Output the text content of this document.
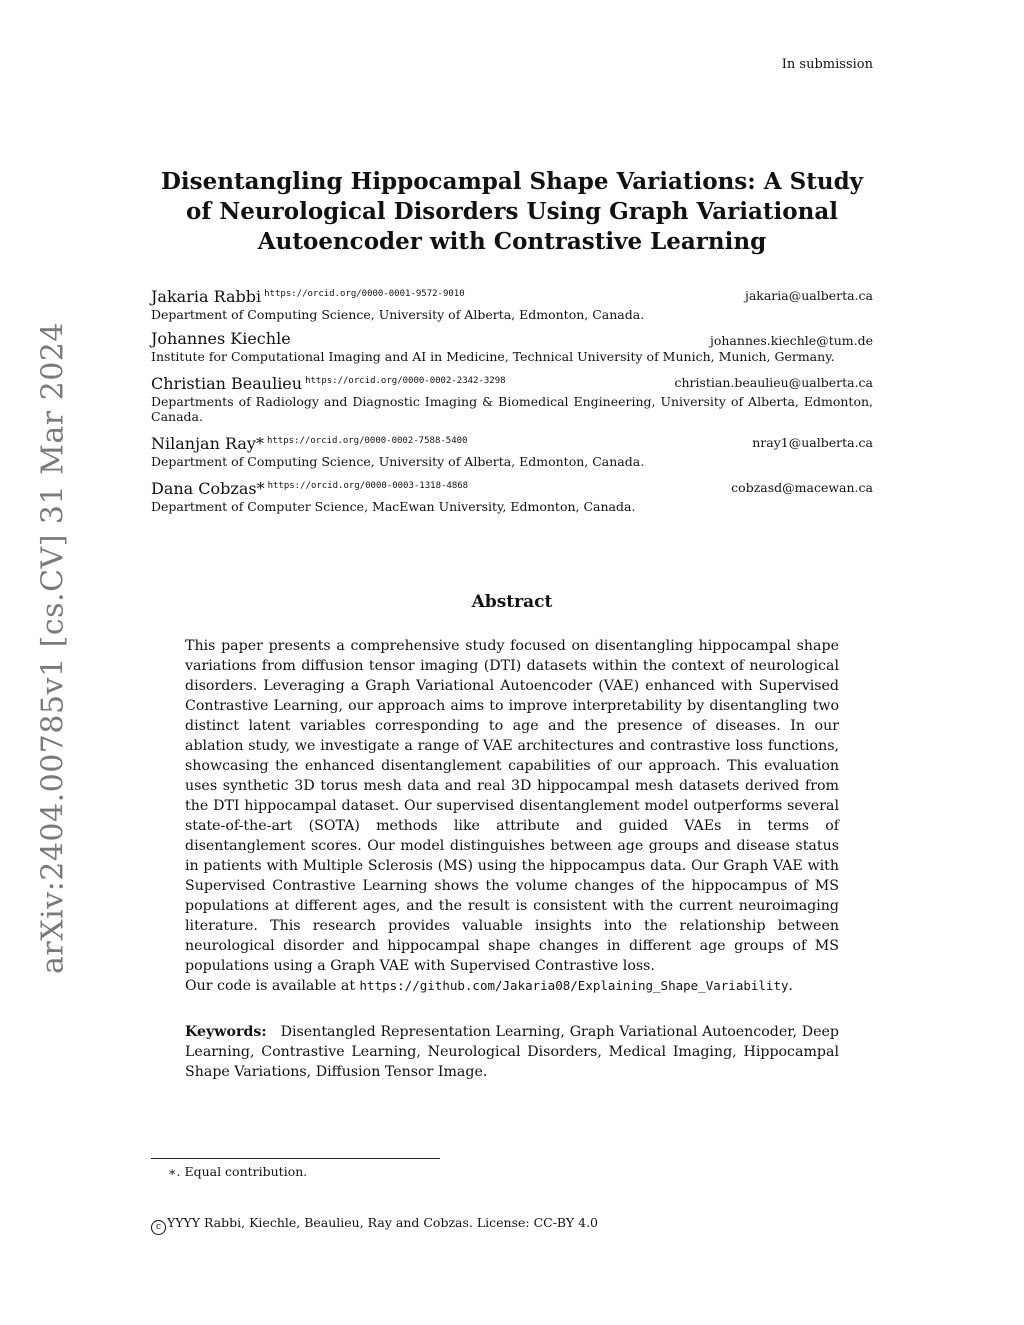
In submission
arXiv:2404.00785v1 [cs.CV] 31 Mar 2024
Disentangling Hippocampal Shape Variations: A Study of Neurological Disorders Using Graph Variational Autoencoder with Contrastive Learning
Jakaria Rabbi $^{https://orcid.org/0000-0001-9572-9010}$	jakaria@ualberta.ca
Department of Computing Science, University of Alberta, Edmonton, Canada.
Johannes Kiechle	johannes.kiechle@tum.de
Institute for Computational Imaging and AI in Medicine, Technical University of Munich, Munich, Germany.
Christian Beaulieu $^{https://orcid.org/0000-0002-2342-3298}$	christian.beaulieu@ualberta.ca
Departments of Radiology and Diagnostic Imaging & Biomedical Engineering, University of Alberta, Edmonton, Canada.
Nilanjan Ray* $^{https://orcid.org/0000-0002-7588-5400}$	nray1@ualberta.ca
Department of Computing Science, University of Alberta, Edmonton, Canada.
Dana Cobzas* $^{https://orcid.org/0000-0003-1318-4868}$	cobzasd@macewan.ca
Department of Computer Science, MacEwan University, Edmonton, Canada.
Abstract
This paper presents a comprehensive study focused on disentangling hippocampal shape variations from diffusion tensor imaging (DTI) datasets within the context of neurological disorders. Leveraging a Graph Variational Autoencoder (VAE) enhanced with Supervised Contrastive Learning, our approach aims to improve interpretability by disentangling two distinct latent variables corresponding to age and the presence of diseases. In our ablation study, we investigate a range of VAE architectures and contrastive loss functions, showcasing the enhanced disentanglement capabilities of our approach. This evaluation uses synthetic 3D torus mesh data and real 3D hippocampal mesh datasets derived from the DTI hippocampal dataset. Our supervised disentanglement model outperforms several state-of-the-art (SOTA) methods like attribute and guided VAEs in terms of disentanglement scores. Our model distinguishes between age groups and disease status in patients with Multiple Sclerosis (MS) using the hippocampus data. Our Graph VAE with Supervised Contrastive Learning shows the volume changes of the hippocampus of MS populations at different ages, and the result is consistent with the current neuroimaging literature. This research provides valuable insights into the relationship between neurological disorder and hippocampal shape changes in different age groups of MS populations using a Graph VAE with Supervised Contrastive loss.
Our code is available at https://github.com/Jakaria08/Explaining_Shape_Variability.
Keywords: Disentangled Representation Learning, Graph Variational Autoencoder, Deep Learning, Contrastive Learning, Neurological Disorders, Medical Imaging, Hippocampal Shape Variations, Diffusion Tensor Image.
∗. Equal contribution.
c YYYY Rabbi, Kiechle, Beaulieu, Ray and Cobzas. License: CC-BY 4.0
